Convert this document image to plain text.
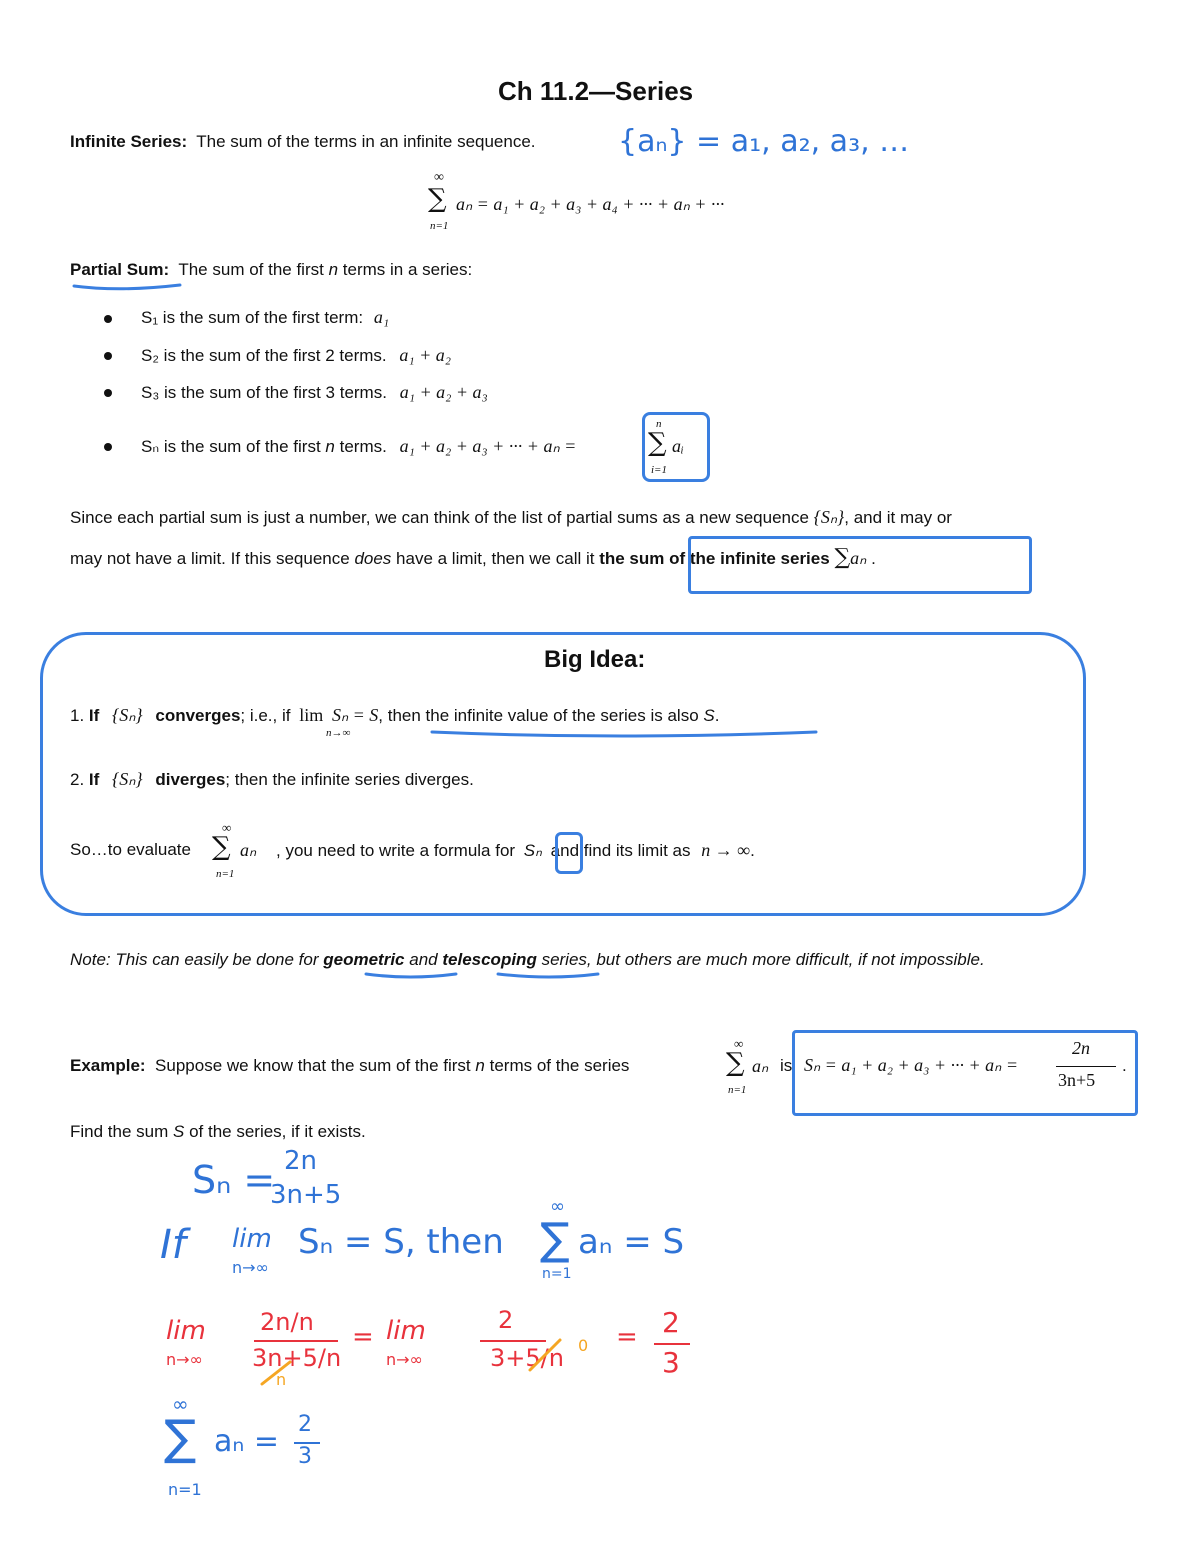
Ch 11.2—Series
Infinite Series: The sum of the terms in an infinite sequence.	{aₙ} = a₁, a₂, a₃, …
∞
∑
n=1
aₙ = a₁ + a₂ + a₃ + a₄ + ··· + aₙ + ···
Partial Sum: The sum of the first n terms in a series:
S₁ is the sum of the first term: a₁
S₂ is the sum of the first 2 terms. a₁ + a₂
S₃ is the sum of the first 3 terms. a₁ + a₂ + a₃
Sₙ is the sum of the first n terms. a₁ + a₂ + a₃ + ··· + aₙ =
n
∑ aᵢ
i=1
Since each partial sum is just a number, we can think of the list of partial sums as a new sequence {Sₙ}, and it may or
may not have a limit. If this sequence does have a limit, then we call it the sum of the infinite series ∑aₙ .
Big Idea:
1. If {Sₙ} converges; i.e., if lim Sₙ = S, then the infinite value of the series is also S.
n→∞
2. If {Sₙ} diverges; then the infinite series diverges.
So…to evaluate
∞
∑ aₙ
n=1
, you need to write a formula for Sₙ and find its limit as n → ∞.
Note: This can easily be done for geometric and telescoping series, but others are much more difficult, if not impossible.
Example: Suppose we know that the sum of the first n terms of the series
∞
∑ aₙ
n=1
is Sₙ = a₁ + a₂ + a₃ + ··· + aₙ =
2n
3n+5
.
Find the sum S of the series, if it exists.
Sₙ = 2n
3n+5
If lim
n→∞
Sₙ = S, then
∞
∑
n=1
aₙ = S
lim
n→∞
2n/n
3n+5/n
n
= lim
n→∞
2
3+5/n 0 = 2
3
∞
∑
n=1
aₙ = 2
3
